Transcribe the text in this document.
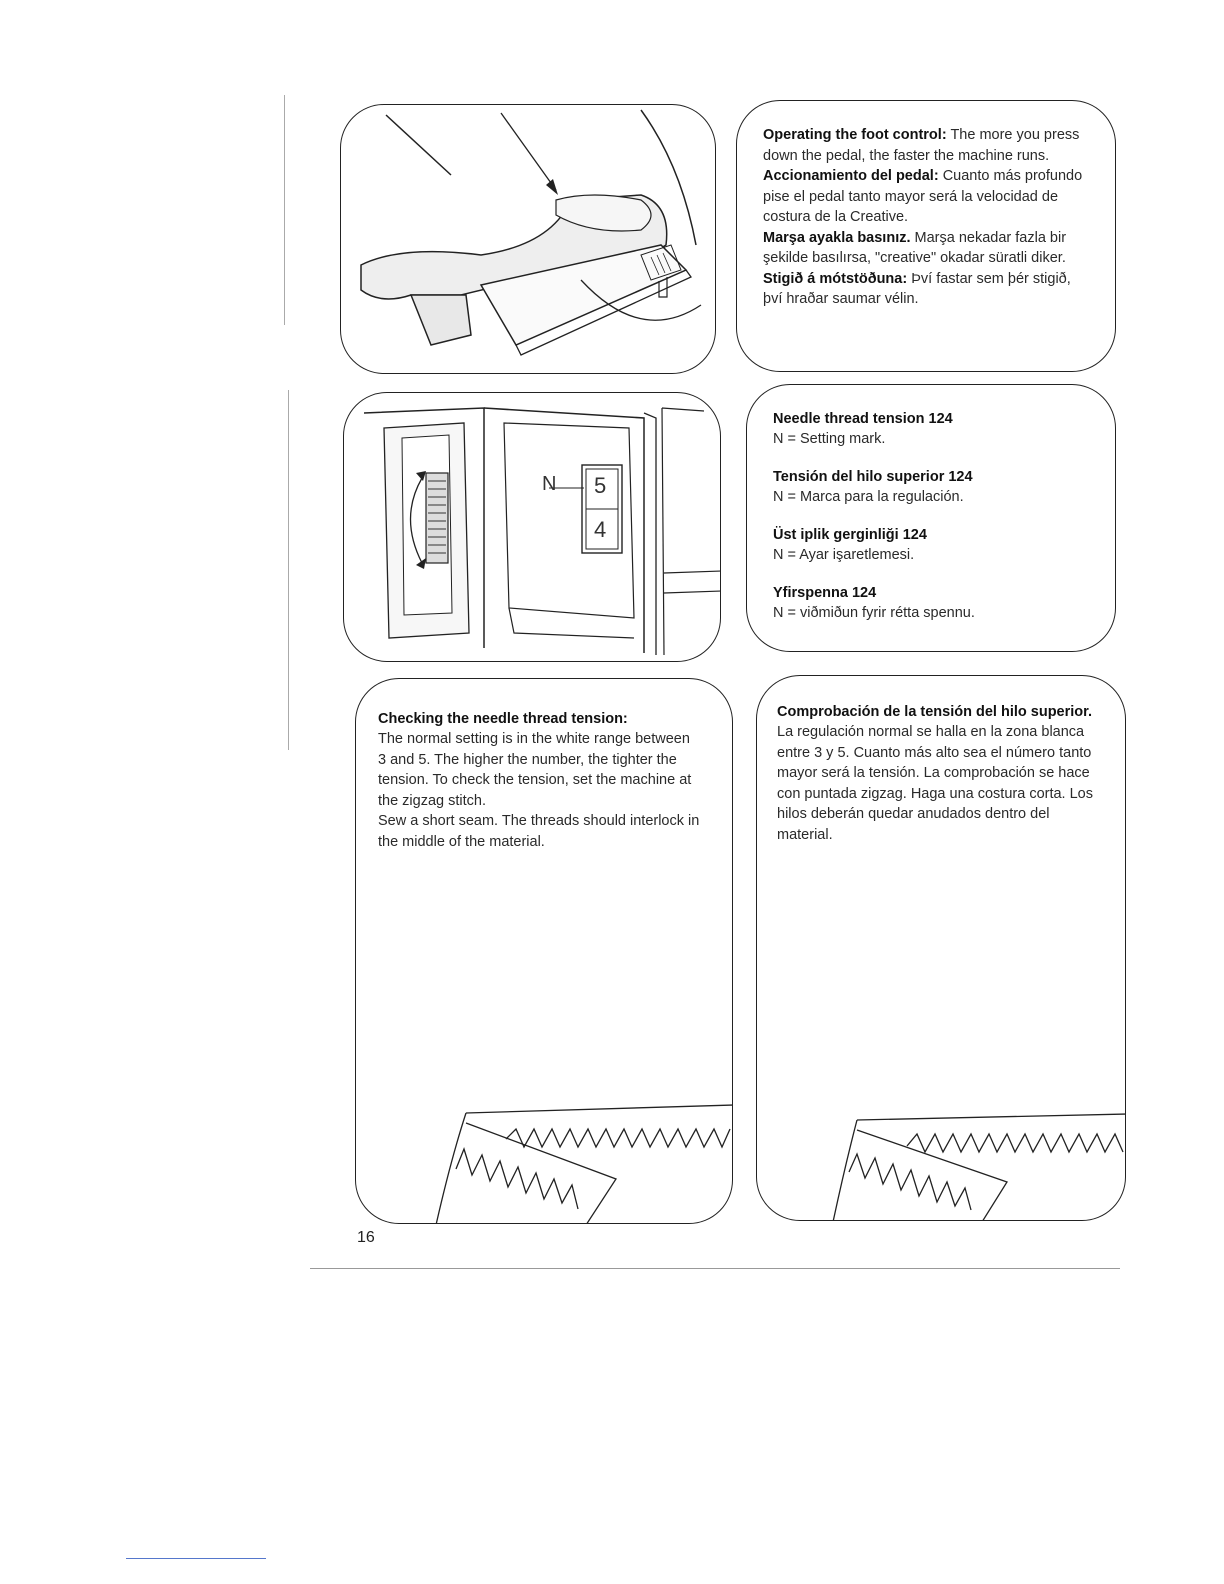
Operating the foot control: The more you press down the pedal, the faster the machine runs.

Accionamiento del pedal: Cuanto más profundo pise el pedal tanto mayor será la velocidad de costura de la Creative.

Marşa ayakla basınız. Marşa nekadar fazla bir şekilde basılırsa, "creative" okadar süratli diker.

Stigið á mótstöðuna: Því fastar sem þér stigið, því hraðar saumar vélin.

N 5
4
Needle thread tension 124
N = Setting mark.
Tensión del hilo superior 124
N = Marca para la regulación.
Üst iplik gerginliği 124
N = Ayar işaretlemesi.
Yfirspenna 124
N = viðmiðun fyrir rétta spennu.
Checking the needle thread tension:

The normal setting is in the white range between 3 and 5. The higher the number, the tighter the tension. To check the tension, set the machine at the zigzag stitch.

Sew a short seam. The threads should interlock in the middle of the material.

Comprobación de la tensión del hilo superior.

La regulación normal se halla en la zona blanca entre 3 y 5. Cuanto más alto sea el número tanto mayor será la tensión. La comprobación se hace con puntada zigzag. Haga una costura corta. Los hilos deberán quedar anudados dentro del material.

16
